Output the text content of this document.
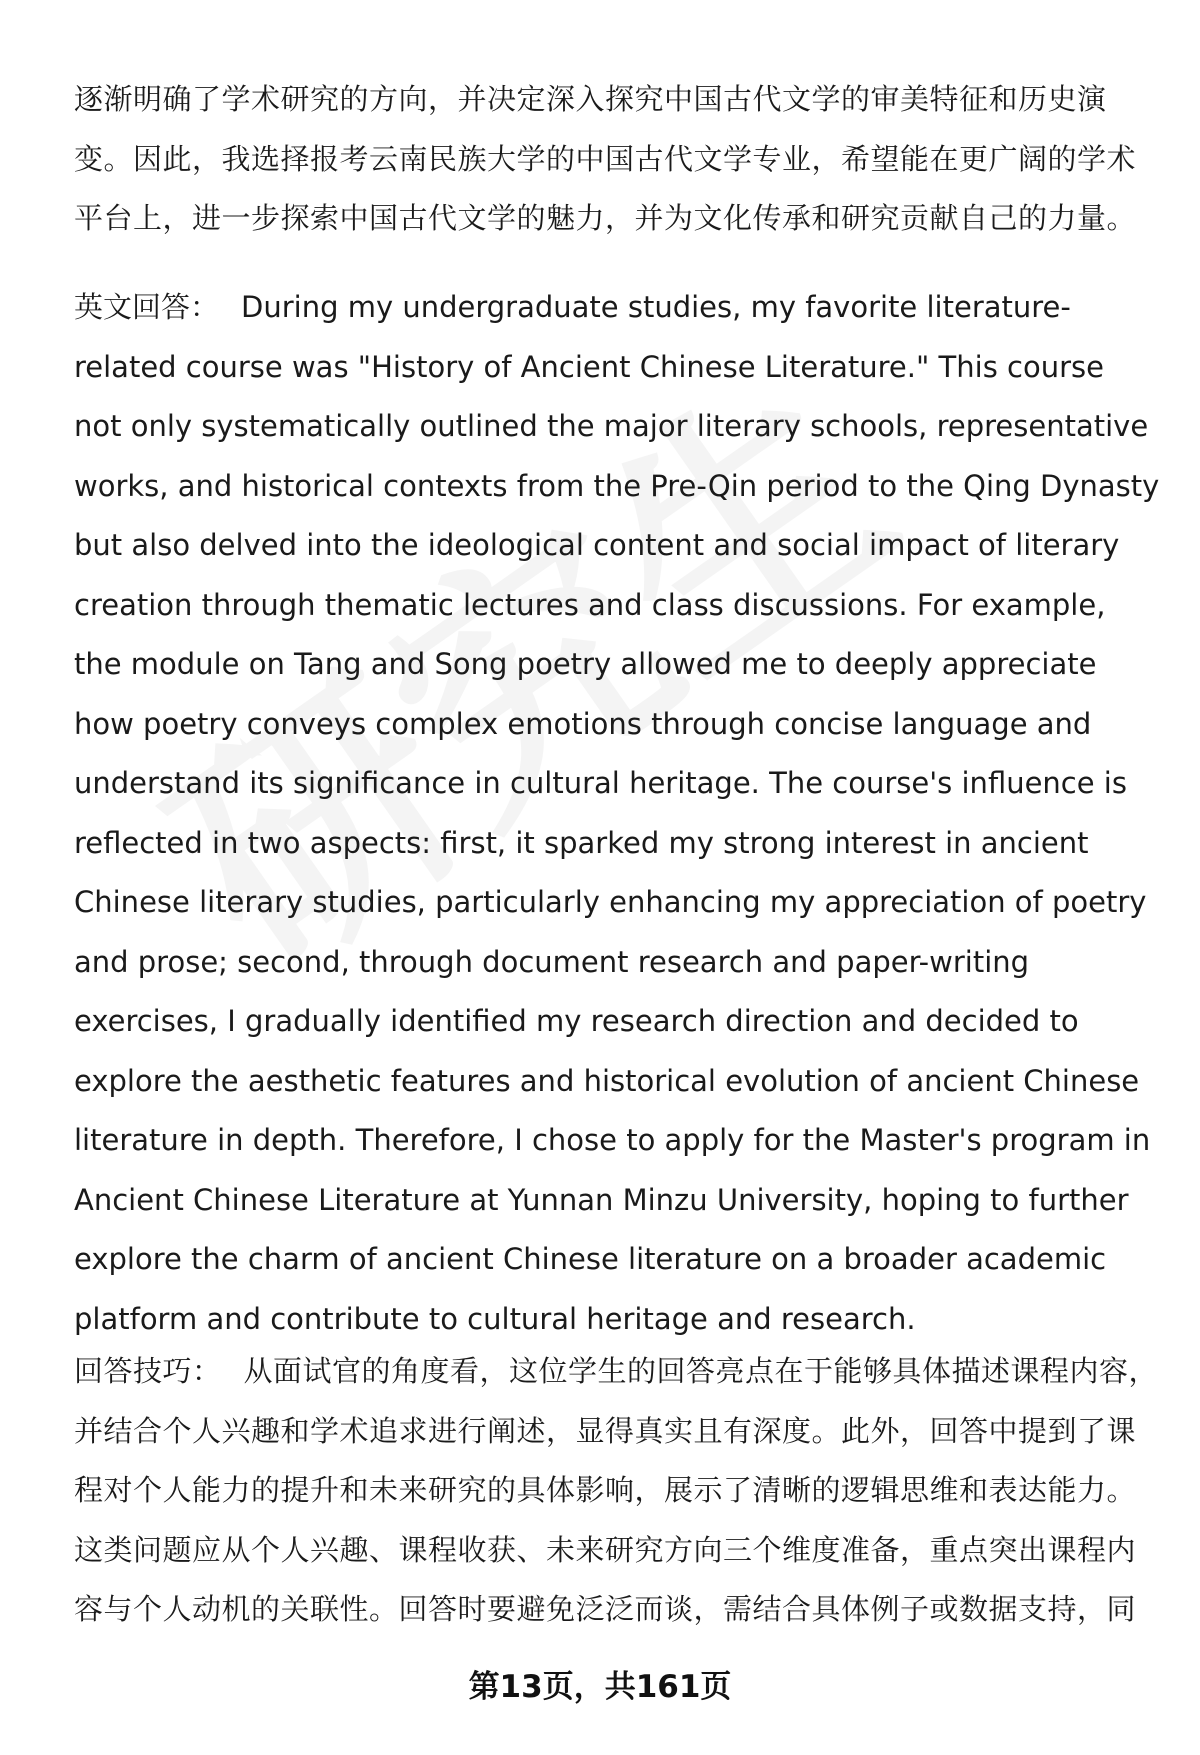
逐渐明确了学术研究的方向，并决定深入探究中国古代文学的审美特征和历史演变。因此，我选择报考云南民族大学的中国古代文学专业，希望能在更广阔的学术平台上，进一步探索中国古代文学的魅力，并为文化传承和研究贡献自己的力量。

英文回答： During my undergraduate studies, my favorite literature-related course was "History of Ancient Chinese Literature." This course not only systematically outlined the major literary schools, representative works, and historical contexts from the Pre-Qin period to the Qing Dynasty but also delved into the ideological content and social impact of literary creation through thematic lectures and class discussions. For example, the module on Tang and Song poetry allowed me to deeply appreciate how poetry conveys complex emotions through concise language and understand its significance in cultural heritage. The course's influence is reflected in two aspects: first, it sparked my strong interest in ancient Chinese literary studies, particularly enhancing my appreciation of poetry and prose; second, through document research and paper-writing exercises, I gradually identified my research direction and decided to explore the aesthetic features and historical evolution of ancient Chinese literature in depth. Therefore, I chose to apply for the Master's program in Ancient Chinese Literature at Yunnan Minzu University, hoping to further explore the charm of ancient Chinese literature on a broader academic platform and contribute to cultural heritage and research.

回答技巧： 从面试官的角度看，这位学生的回答亮点在于能够具体描述课程内容，并结合个人兴趣和学术追求进行阐述，显得真实且有深度。此外，回答中提到了课程对个人能力的提升和未来研究的具体影响，展示了清晰的逻辑思维和表达能力。这类问题应从个人兴趣、课程收获、未来研究方向三个维度准备，重点突出课程内容与个人动机的关联性。回答时要避免泛泛而谈，需结合具体例子或数据支持，同

第13页，共161页
